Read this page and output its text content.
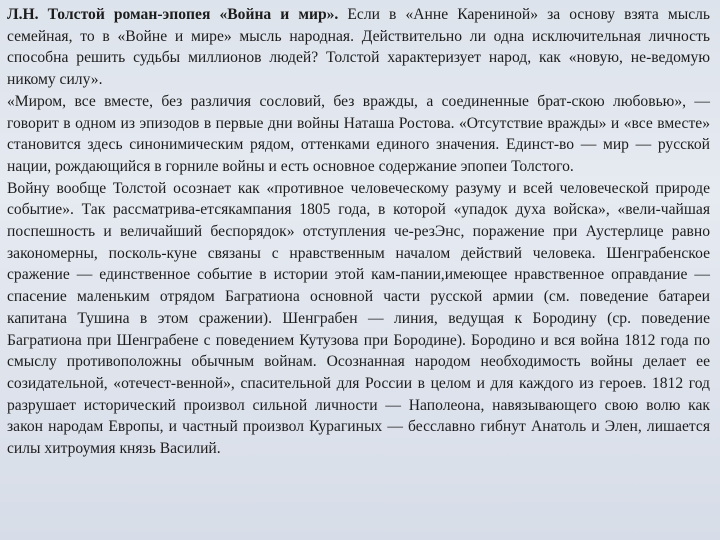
Л.Н. Толстой роман-эпопея «Война и мир». Если в «Анне Карениной» за основу взята мысль семейная, то в «Войне и мире» мысль народная. Действительно ли одна исключительная личность способна решить судьбы миллионов людей? Толстой характеризует народ, как «новую, не-ведомую никому силу».

«Миром, все вместе, без различия сословий, без вражды, а соединенные брат-скою любовью», — говорит в одном из эпизодов в первые дни войны Наташа Ростова. «Отсутствие вражды» и «все вместе» становится здесь синонимическим рядом, оттенками единого значения. Единст-во — мир — русской нации, рождающийся в горниле войны и есть основное содержание эпопеи Толстого.

Войну вообще Толстой осознает как «противное человеческому разуму и всей человеческой природе событие». Так рассматрива-етсякампания 1805 года, в которой «упадок духа войска», «вели-чайшая поспешность и величайший беспорядок» отступления че-резЭнс, поражение при Аустерлице равно закономерны, посколь-куне связаны с нравственным началом действий человека. Шенграбенское сражение — единственное событие в истории этой кам-пании,имеющее нравственное оправдание — спасение маленьким отрядом Багратиона основной части русской армии (см. поведение батареи капитана Тушина в этом сражении). Шенграбен — линия, ведущая к Бородину (ср. поведение Багратиона при Шенграбене с поведением Кутузова при Бородине). Бородино и вся война 1812 года по смыслу противоположны обычным войнам. Осознанная народом необходимость войны делает ее созидательной, «отечест-венной», спасительной для России в целом и для каждого из героев. 1812 год разрушает исторический произвол сильной личности — Наполеона, навязывающего свою волю как закон народам Европы, и частный произвол Курагиных — бесславно гибнут Анатоль и Элен, лишается силы хитроумия князь Василий.
